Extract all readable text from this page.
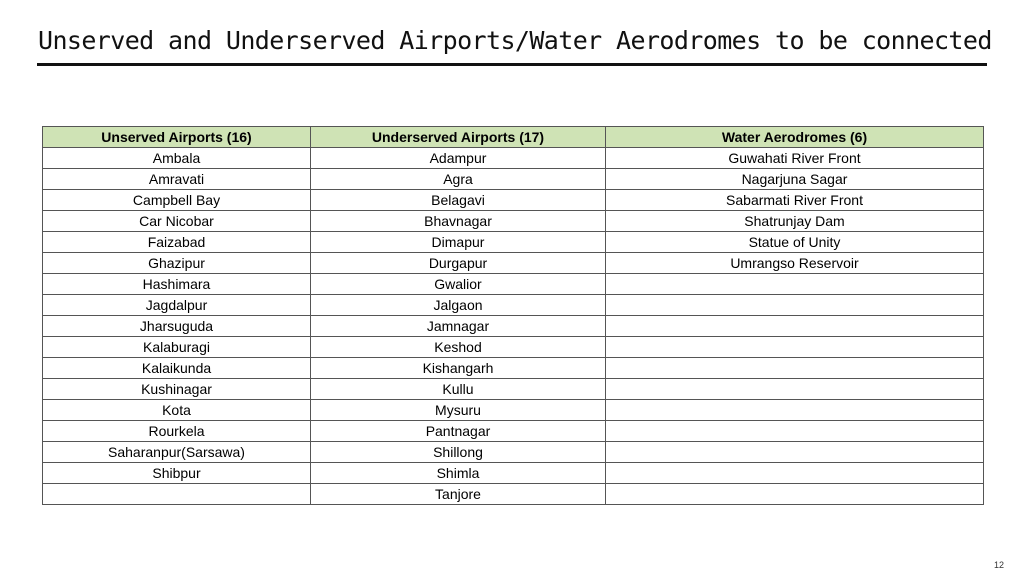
Unserved and Underserved Airports/Water Aerodromes to be connected
Unserved Airports (16)	Underserved Airports (17)	Water Aerodromes (6)
Ambala	Adampur	Guwahati River Front
Amravati	Agra	Nagarjuna Sagar
Campbell Bay	Belagavi	Sabarmati River Front
Car Nicobar	Bhavnagar	Shatrunjay Dam
Faizabad	Dimapur	Statue of Unity
Ghazipur	Durgapur	Umrangso Reservoir
Hashimara	Gwalior	
Jagdalpur	Jalgaon	
Jharsuguda	Jamnagar	
Kalaburagi	Keshod	
Kalaikunda	Kishangarh	
Kushinagar	Kullu	
Kota	Mysuru	
Rourkela	Pantnagar	
Saharanpur(Sarsawa)	Shillong	
Shibpur	Shimla	
	Tanjore	
12
